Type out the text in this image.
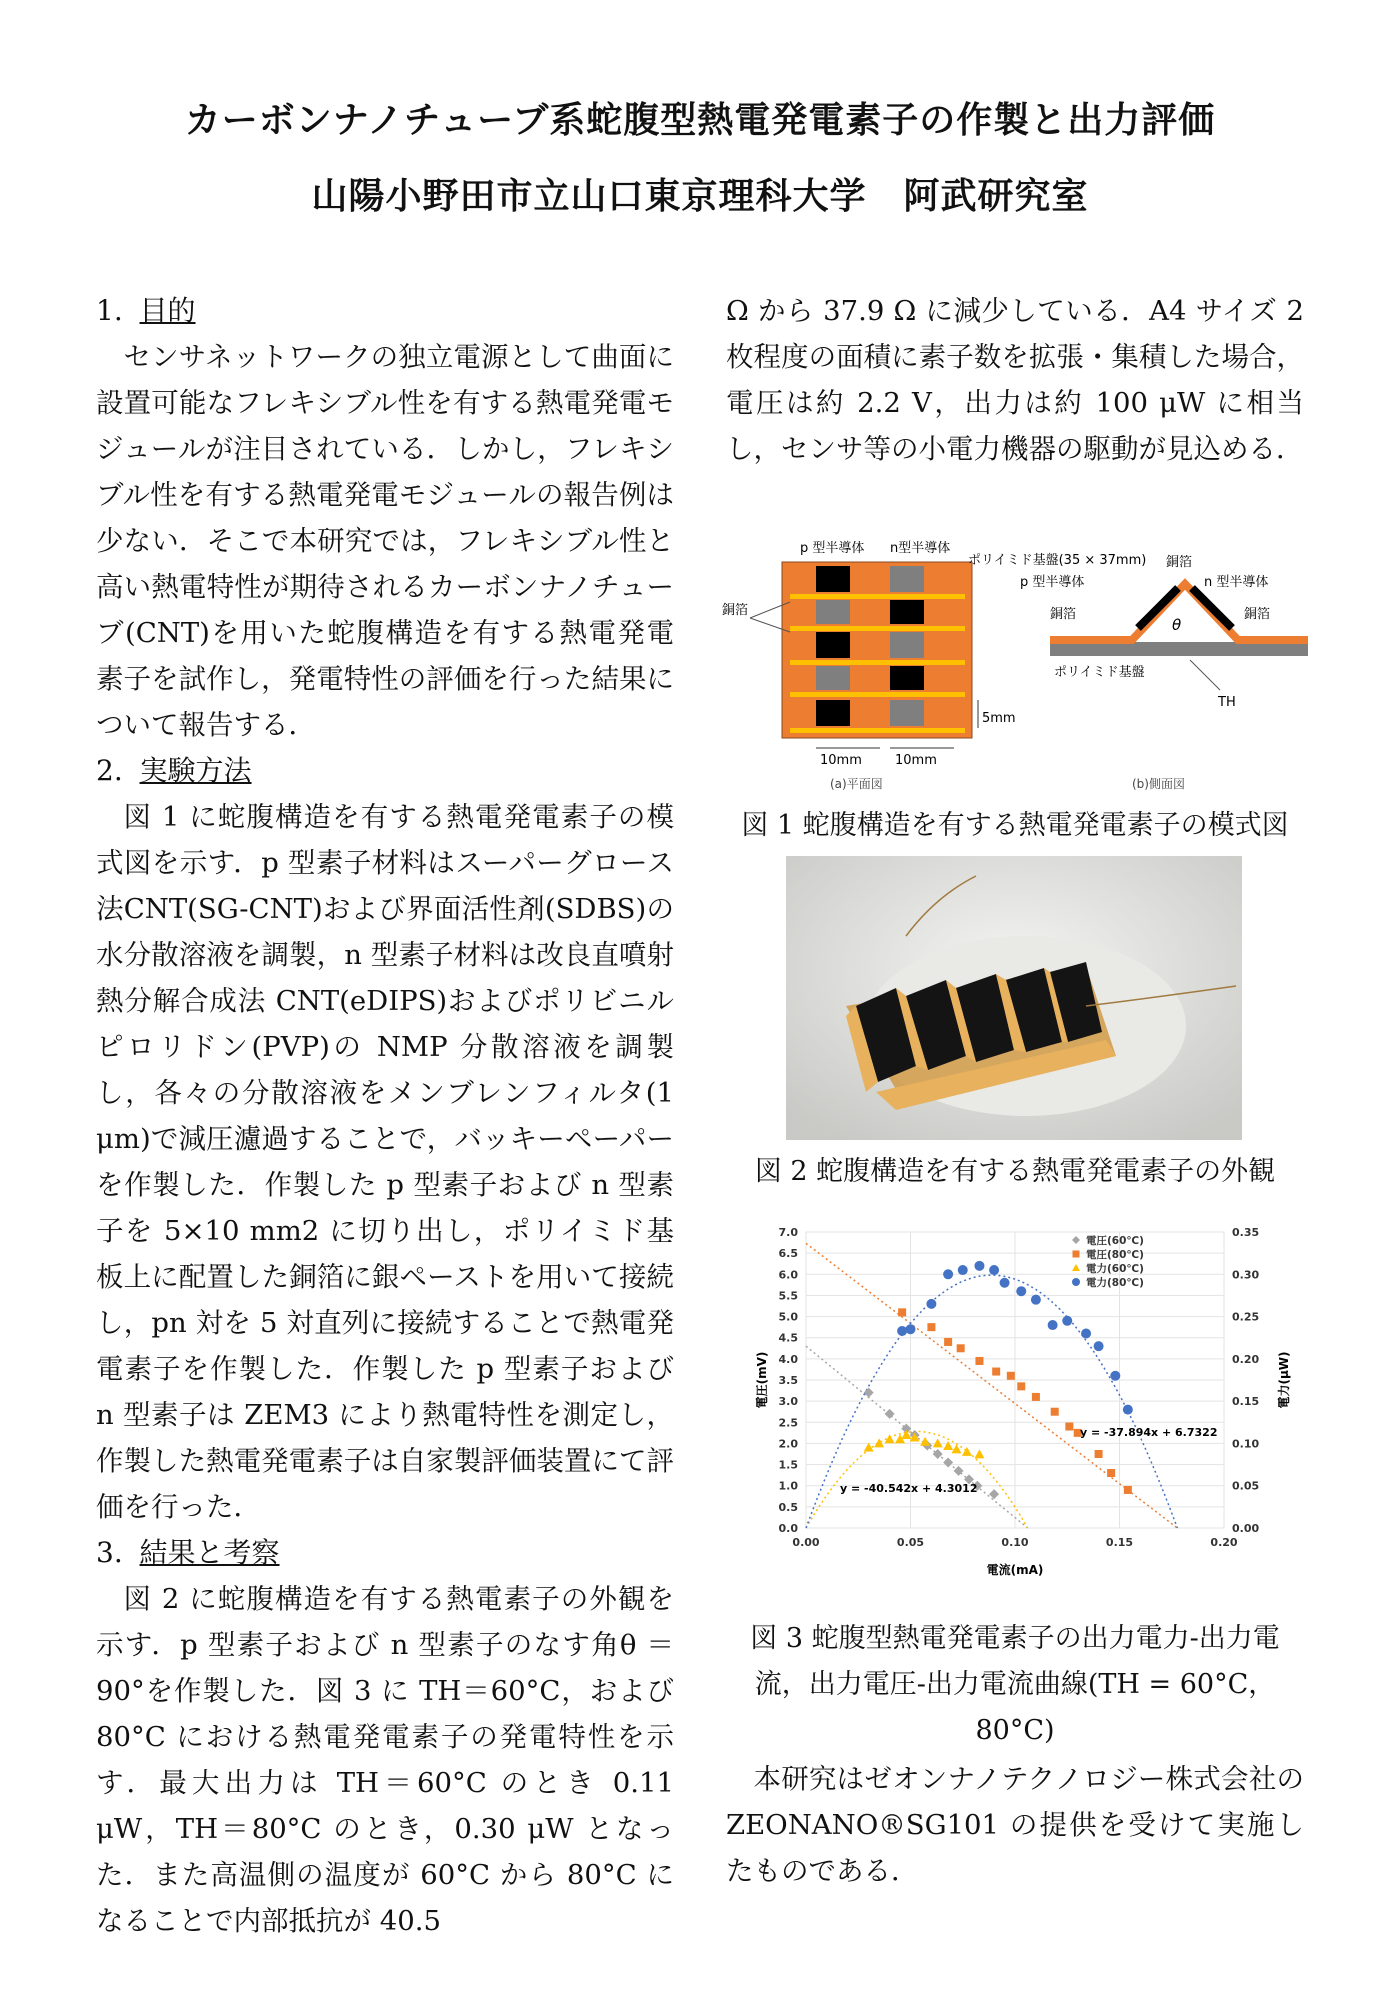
カーボンナノチューブ系蛇腹型熱電発電素子の作製と出力評価
山陽小野田市立山口東京理科大学　阿武研究室
1. 目的

センサネットワークの独立電源として曲面に設置可能なフレキシブル性を有する熱電発電モジュールが注目されている．しかし，フレキシブル性を有する熱電発電モジュールの報告例は少ない．そこで本研究では，フレキシブル性と高い熱電特性が期待されるカーボンナノチューブ(CNT)を用いた蛇腹構造を有する熱電発電素子を試作し，発電特性の評価を行った結果について報告する．

2. 実験方法

図 1 に蛇腹構造を有する熱電発電素子の模式図を示す．p 型素子材料はスーパーグロース法CNT(SG-CNT)および界面活性剤(SDBS)の水分散溶液を調製，n 型素子材料は改良直噴射熱分解合成法 CNT(eDIPS)およびポリビニルピロリドン(PVP)の NMP 分散溶液を調製し，各々の分散溶液をメンブレンフィルタ(1 μm)で減圧濾過することで，バッキーペーパーを作製した．作製した p 型素子および n 型素子を 5×10 mm2 に切り出し，ポリイミド基板上に配置した銅箔に銀ペーストを用いて接続し，pn 対を 5 対直列に接続することで熱電発電素子を作製した．作製した p 型素子および n 型素子は ZEM3 により熱電特性を測定し，作製した熱電発電素子は自家製評価装置にて評価を行った．

3. 結果と考察

図 2 に蛇腹構造を有する熱電素子の外観を示す．p 型素子および n 型素子のなす角θ ＝ 90°を作製した．図 3 に TH＝60°C，および 80°C における熱電発電素子の発電特性を示す．最大出力は TH＝60°C のとき 0.11 μW，TH＝80°C のとき，0.30 μW となった．また高温側の温度が 60°C から 80°C になることで内部抵抗が 40.5

Ω から 37.9 Ω に減少している．A4 サイズ 2 枚程度の面積に素子数を拡張・集積した場合，電圧は約 2.2 V，出力は約 100 μW に相当し，センサ等の小電力機器の駆動が見込める．

p 型半導体 n型半導体
ポリイミド基盤(35 × 37mm)
銅箔
5mm
10mm	10mm
(a)平面図
θ
銅箔
p 型半導体	n 型半導体
銅箔	銅箔
ポリイミド基盤
TH
(b)側面図
図 1 蛇腹構造を有する熱電発電素子の模式図
図 2 蛇腹構造を有する熱電発電素子の外観
0.0
0.5
1.0
1.5
2.0
2.5
3.0
3.5
4.0
4.5
5.0
5.5
6.0
6.5
7.0
0.00
0.05
0.10
0.15
0.20
0.25
0.30
0.35
0.00	0.05	0.10	0.15	0.20
電流(mA)
電圧(mV)	電力(μW)
y = -37.894x + 6.7322
y = -40.542x + 4.3012
電圧(60℃)
電圧(80℃)
電力(60℃)
電力(80℃)
図 3 蛇腹型熱電発電素子の出力電力-出力電流，出力電圧-出力電流曲線(TH = 60°C，80°C)

本研究はゼオンナノテクノロジー株式会社の ZEONANO®SG101 の提供を受けて実施したものである．
